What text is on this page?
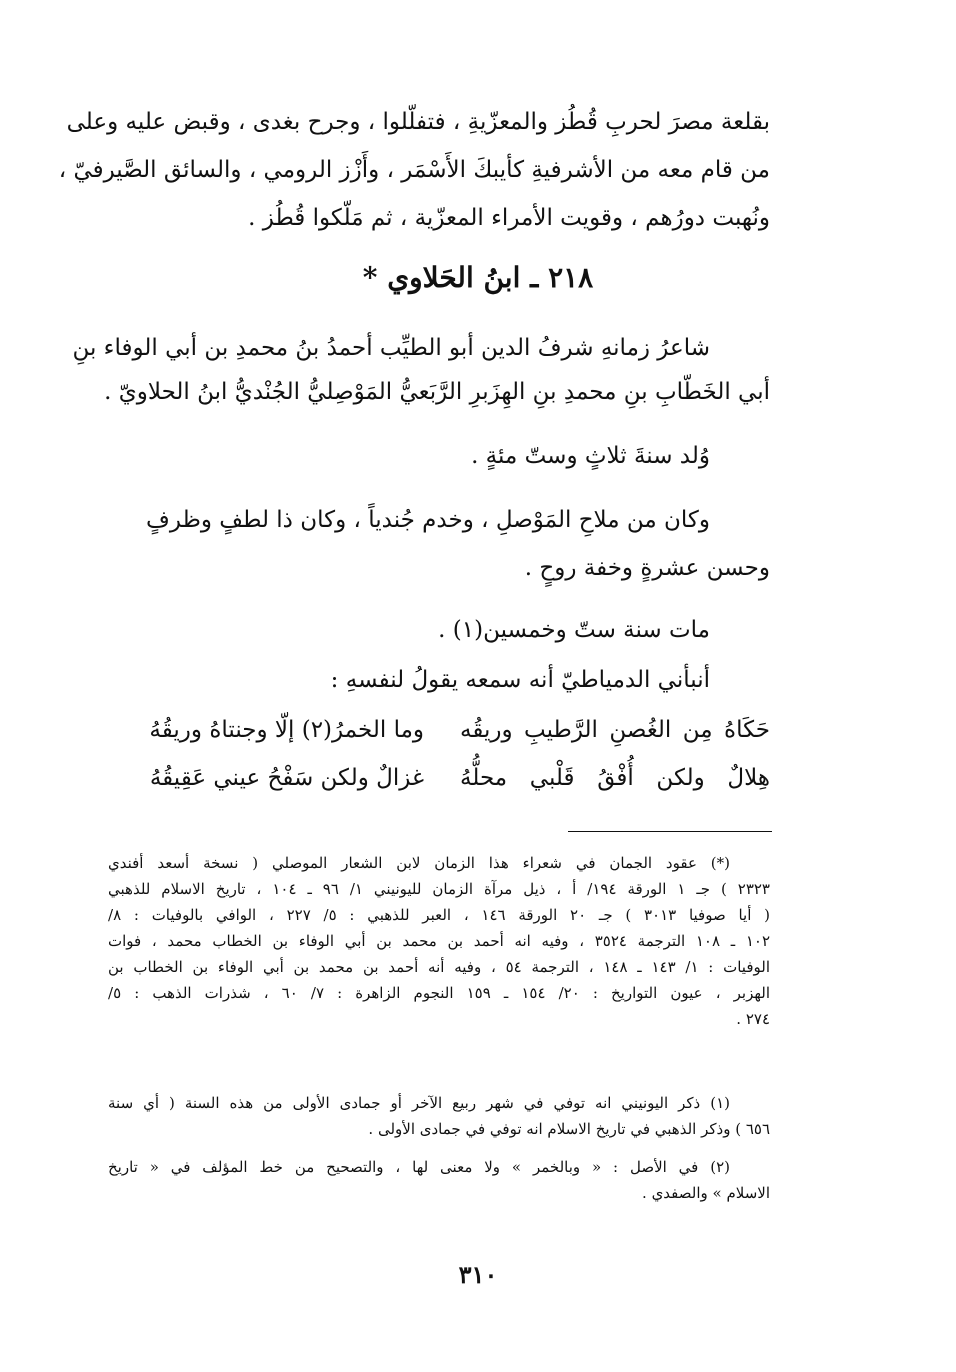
بقلعة مصرَ لحربِ قُطُز والمعزّيةِ ، فتفلّلوا ، وجرح بغدى ، وقبض عليه وعلى
من قام معه من الأشرفيةِ كأيبكَ الأَسْمَر ، وأَزْز الرومي ، والسائق الصَّيرفيّ ،
ونُهبت دورُهم ، وقويت الأمراء المعزّية ، ثم مَلّكوا قُطُز .
٢١٨ ـ ابنُ الحَلاوي *
شاعرُ زمانهِ شرفُ الدين أبو الطيِّب أحمدُ بنُ محمدِ بن أبي الوفاء بنِ
أبي الخَطّابِ بنِ محمدِ بنِ الهِزَبرِ الرَّبَعيُّ المَوْصِليُّ الجُنْديُّ ابنُ الحلاويّ .
وُلد سنةَ ثلاثٍ وستّ مئةٍ .
وكان من ملاحِ المَوْصلِ ، وخدم جُندياً ، وكان ذا لطفٍ وظرفٍ
وحسن عشرةٍ وخفة روحٍ .
مات سنة ستّ وخمسين(١) .
أنبأني الدمياطيّ أنه سمعه يقولُ لنفسهِ :
حَكَاهُ مِن الغُصنِ الرَّطيبِ وريقُه
وما الخمرُ(٢) إلّا وجنتاهُ وريقُهُ
هِلالٌ ولكن أُفْقُ قَلْبي محلُّهُ
غزالٌ ولكن سَفْحُ عيني عَقِيقُهُ
(*) عقود الجمان في شعراء هذا الزمان لابن الشعار الموصلي ( نسخة أسعد أفندي
٢٣٢٣ ) جـ ١ الورقة ١٩٤/ أ ، ذيل مرآة الزمان لليونيني ١/ ٩٦ ـ ١٠٤ ، تاريخ الاسلام للذهبي
( أيا صوفيا ٣٠١٣ ) جـ ٢٠ الورقة ١٤٦ ، العبر للذهبي : ٥/ ٢٢٧ ، الوافي بالوفيات : ٨/
١٠٢ ـ ١٠٨ الترجمة ٣٥٢٤ ، وفيه انه أحمد بن محمد بن أبي الوفاء بن الخطاب محمد ، فوات
الوفيات : ١/ ١٤٣ ـ ١٤٨ ، الترجمة ٥٤ ، وفيه أنه أحمد بن محمد بن أبي الوفاء بن الخطاب بن
الهزبر ، عيون التواريخ : ٢٠/ ١٥٤ ـ ١٥٩ النجوم الزاهرة : ٧/ ٦٠ ، شذرات الذهب : ٥/
٢٧٤ .
(١) ذكر اليونيني انه توفي في شهر ربيع الآخر أو جمادى الأولى من هذه السنة ( أي سنة
٦٥٦ ) وذكر الذهبي في تاريخ الاسلام انه توفي في جمادى الأولى .
(٢) في الأصل : « وبالخمر » ولا معنى لها ، والتصحيح من خط المؤلف في « تاريخ
الاسلام » والصفدي .
٣١٠
